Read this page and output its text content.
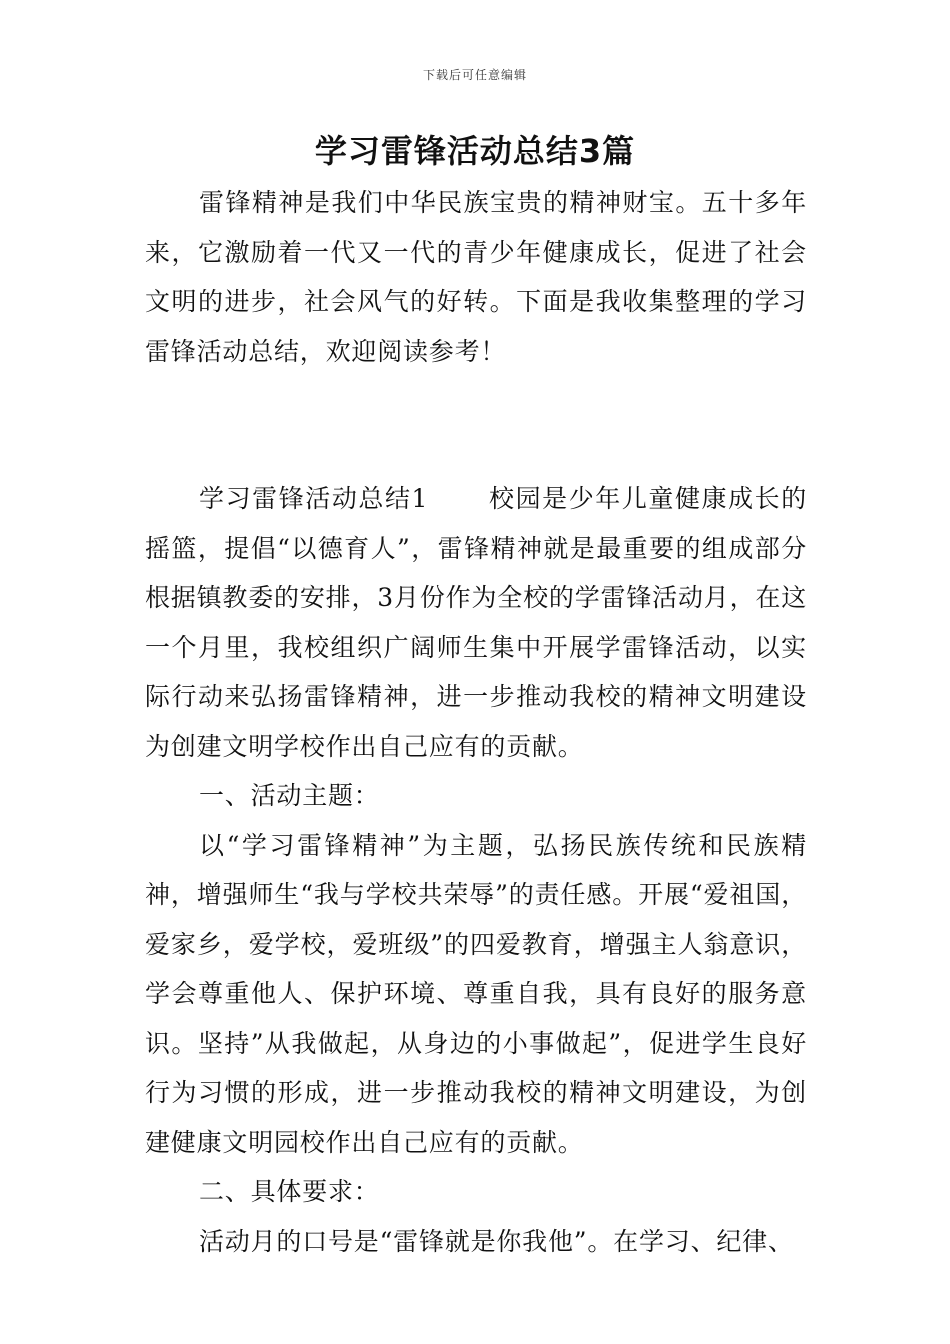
下载后可任意编辑
学习雷锋活动总结3篇

雷锋精神是我们中华民族宝贵的精神财宝。五十多年来，它激励着一代又一代的青少年健康成长，促进了社会文明的进步，社会风气的好转。下面是我收集整理的学习雷锋活动总结，欢迎阅读参考！

学习雷锋活动总结1 校园是少年儿童健康成长的摇篮，提倡“以德育人”，雷锋精神就是最重要的组成部分根据镇教委的安排，3月份作为全校的学雷锋活动月，在这一个月里，我校组织广阔师生集中开展学雷锋活动，以实际行动来弘扬雷锋精神，进一步推动我校的精神文明建设为创建文明学校作出自己应有的贡献。

一、活动主题：

以“学习雷锋精神”为主题，弘扬民族传统和民族精神，增强师生“我与学校共荣辱”的责任感。开展“爱祖国，爱家乡，爱学校，爱班级”的四爱教育，增强主人翁意识，学会尊重他人、保护环境、尊重自我，具有良好的服务意识。坚持”从我做起，从身边的小事做起”，促进学生良好行为习惯的形成，进一步推动我校的精神文明建设，为创建健康文明园校作出自己应有的贡献。

二、具体要求：

活动月的口号是“雷锋就是你我他”。在学习、纪律、
